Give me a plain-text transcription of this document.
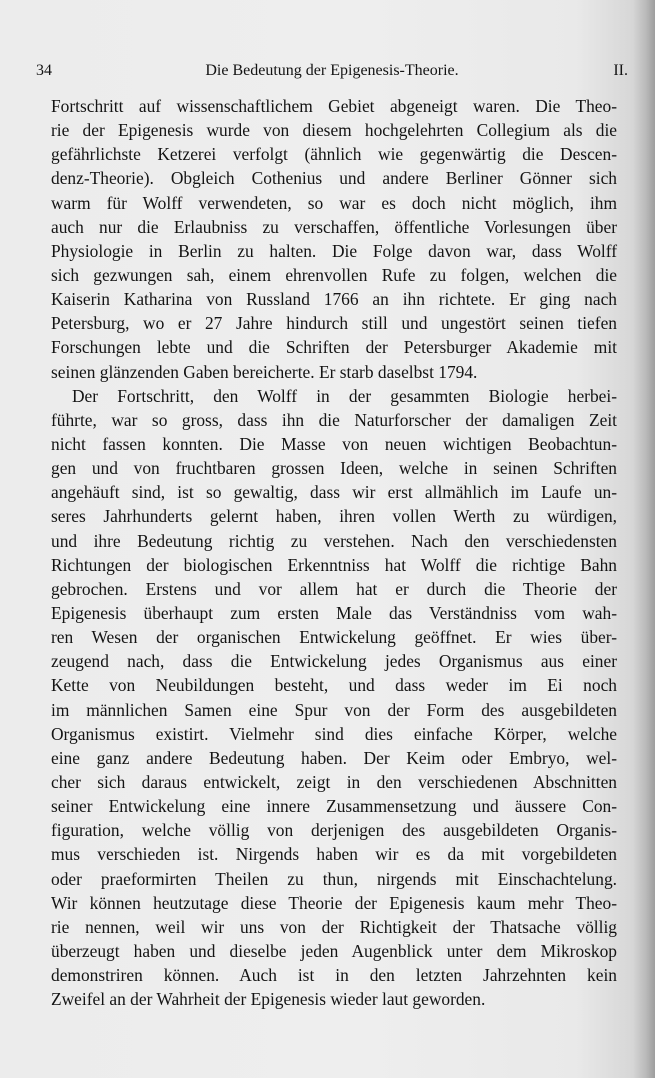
34	Die Bedeutung der Epigenesis-Theorie.	II.
Fortschritt auf wissenschaftlichem Gebiet abgeneigt waren. Die Theo-
rie der Epigenesis wurde von diesem hochgelehrten Collegium als die
gefährlichste Ketzerei verfolgt (ähnlich wie gegenwärtig die Descen-
denz-Theorie). Obgleich Cothenius und andere Berliner Gönner sich
warm für Wolff verwendeten, so war es doch nicht möglich, ihm
auch nur die Erlaubniss zu verschaffen, öffentliche Vorlesungen über
Physiologie in Berlin zu halten. Die Folge davon war, dass Wolff
sich gezwungen sah, einem ehrenvollen Rufe zu folgen, welchen die
Kaiserin Katharina von Russland 1766 an ihn richtete. Er ging nach
Petersburg, wo er 27 Jahre hindurch still und ungestört seinen tiefen
Forschungen lebte und die Schriften der Petersburger Akademie mit
seinen glänzenden Gaben bereicherte. Er starb daselbst 1794.
Der Fortschritt, den Wolff in der gesammten Biologie herbei-
führte, war so gross, dass ihn die Naturforscher der damaligen Zeit
nicht fassen konnten. Die Masse von neuen wichtigen Beobachtun-
gen und von fruchtbaren grossen Ideen, welche in seinen Schriften
angehäuft sind, ist so gewaltig, dass wir erst allmählich im Laufe un-
seres Jahrhunderts gelernt haben, ihren vollen Werth zu würdigen,
und ihre Bedeutung richtig zu verstehen. Nach den verschiedensten
Richtungen der biologischen Erkenntniss hat Wolff die richtige Bahn
gebrochen. Erstens und vor allem hat er durch die Theorie der
Epigenesis überhaupt zum ersten Male das Verständniss vom wah-
ren Wesen der organischen Entwickelung geöffnet. Er wies über-
zeugend nach, dass die Entwickelung jedes Organismus aus einer
Kette von Neubildungen besteht, und dass weder im Ei noch
im männlichen Samen eine Spur von der Form des ausgebildeten
Organismus existirt. Vielmehr sind dies einfache Körper, welche
eine ganz andere Bedeutung haben. Der Keim oder Embryo, wel-
cher sich daraus entwickelt, zeigt in den verschiedenen Abschnitten
seiner Entwickelung eine innere Zusammensetzung und äussere Con-
figuration, welche völlig von derjenigen des ausgebildeten Organis-
mus verschieden ist. Nirgends haben wir es da mit vorgebildeten
oder praeformirten Theilen zu thun, nirgends mit Einschachtelung.
Wir können heutzutage diese Theorie der Epigenesis kaum mehr Theo-
rie nennen, weil wir uns von der Richtigkeit der Thatsache völlig
überzeugt haben und dieselbe jeden Augenblick unter dem Mikroskop
demonstriren können. Auch ist in den letzten Jahrzehnten kein
Zweifel an der Wahrheit der Epigenesis wieder laut geworden.
